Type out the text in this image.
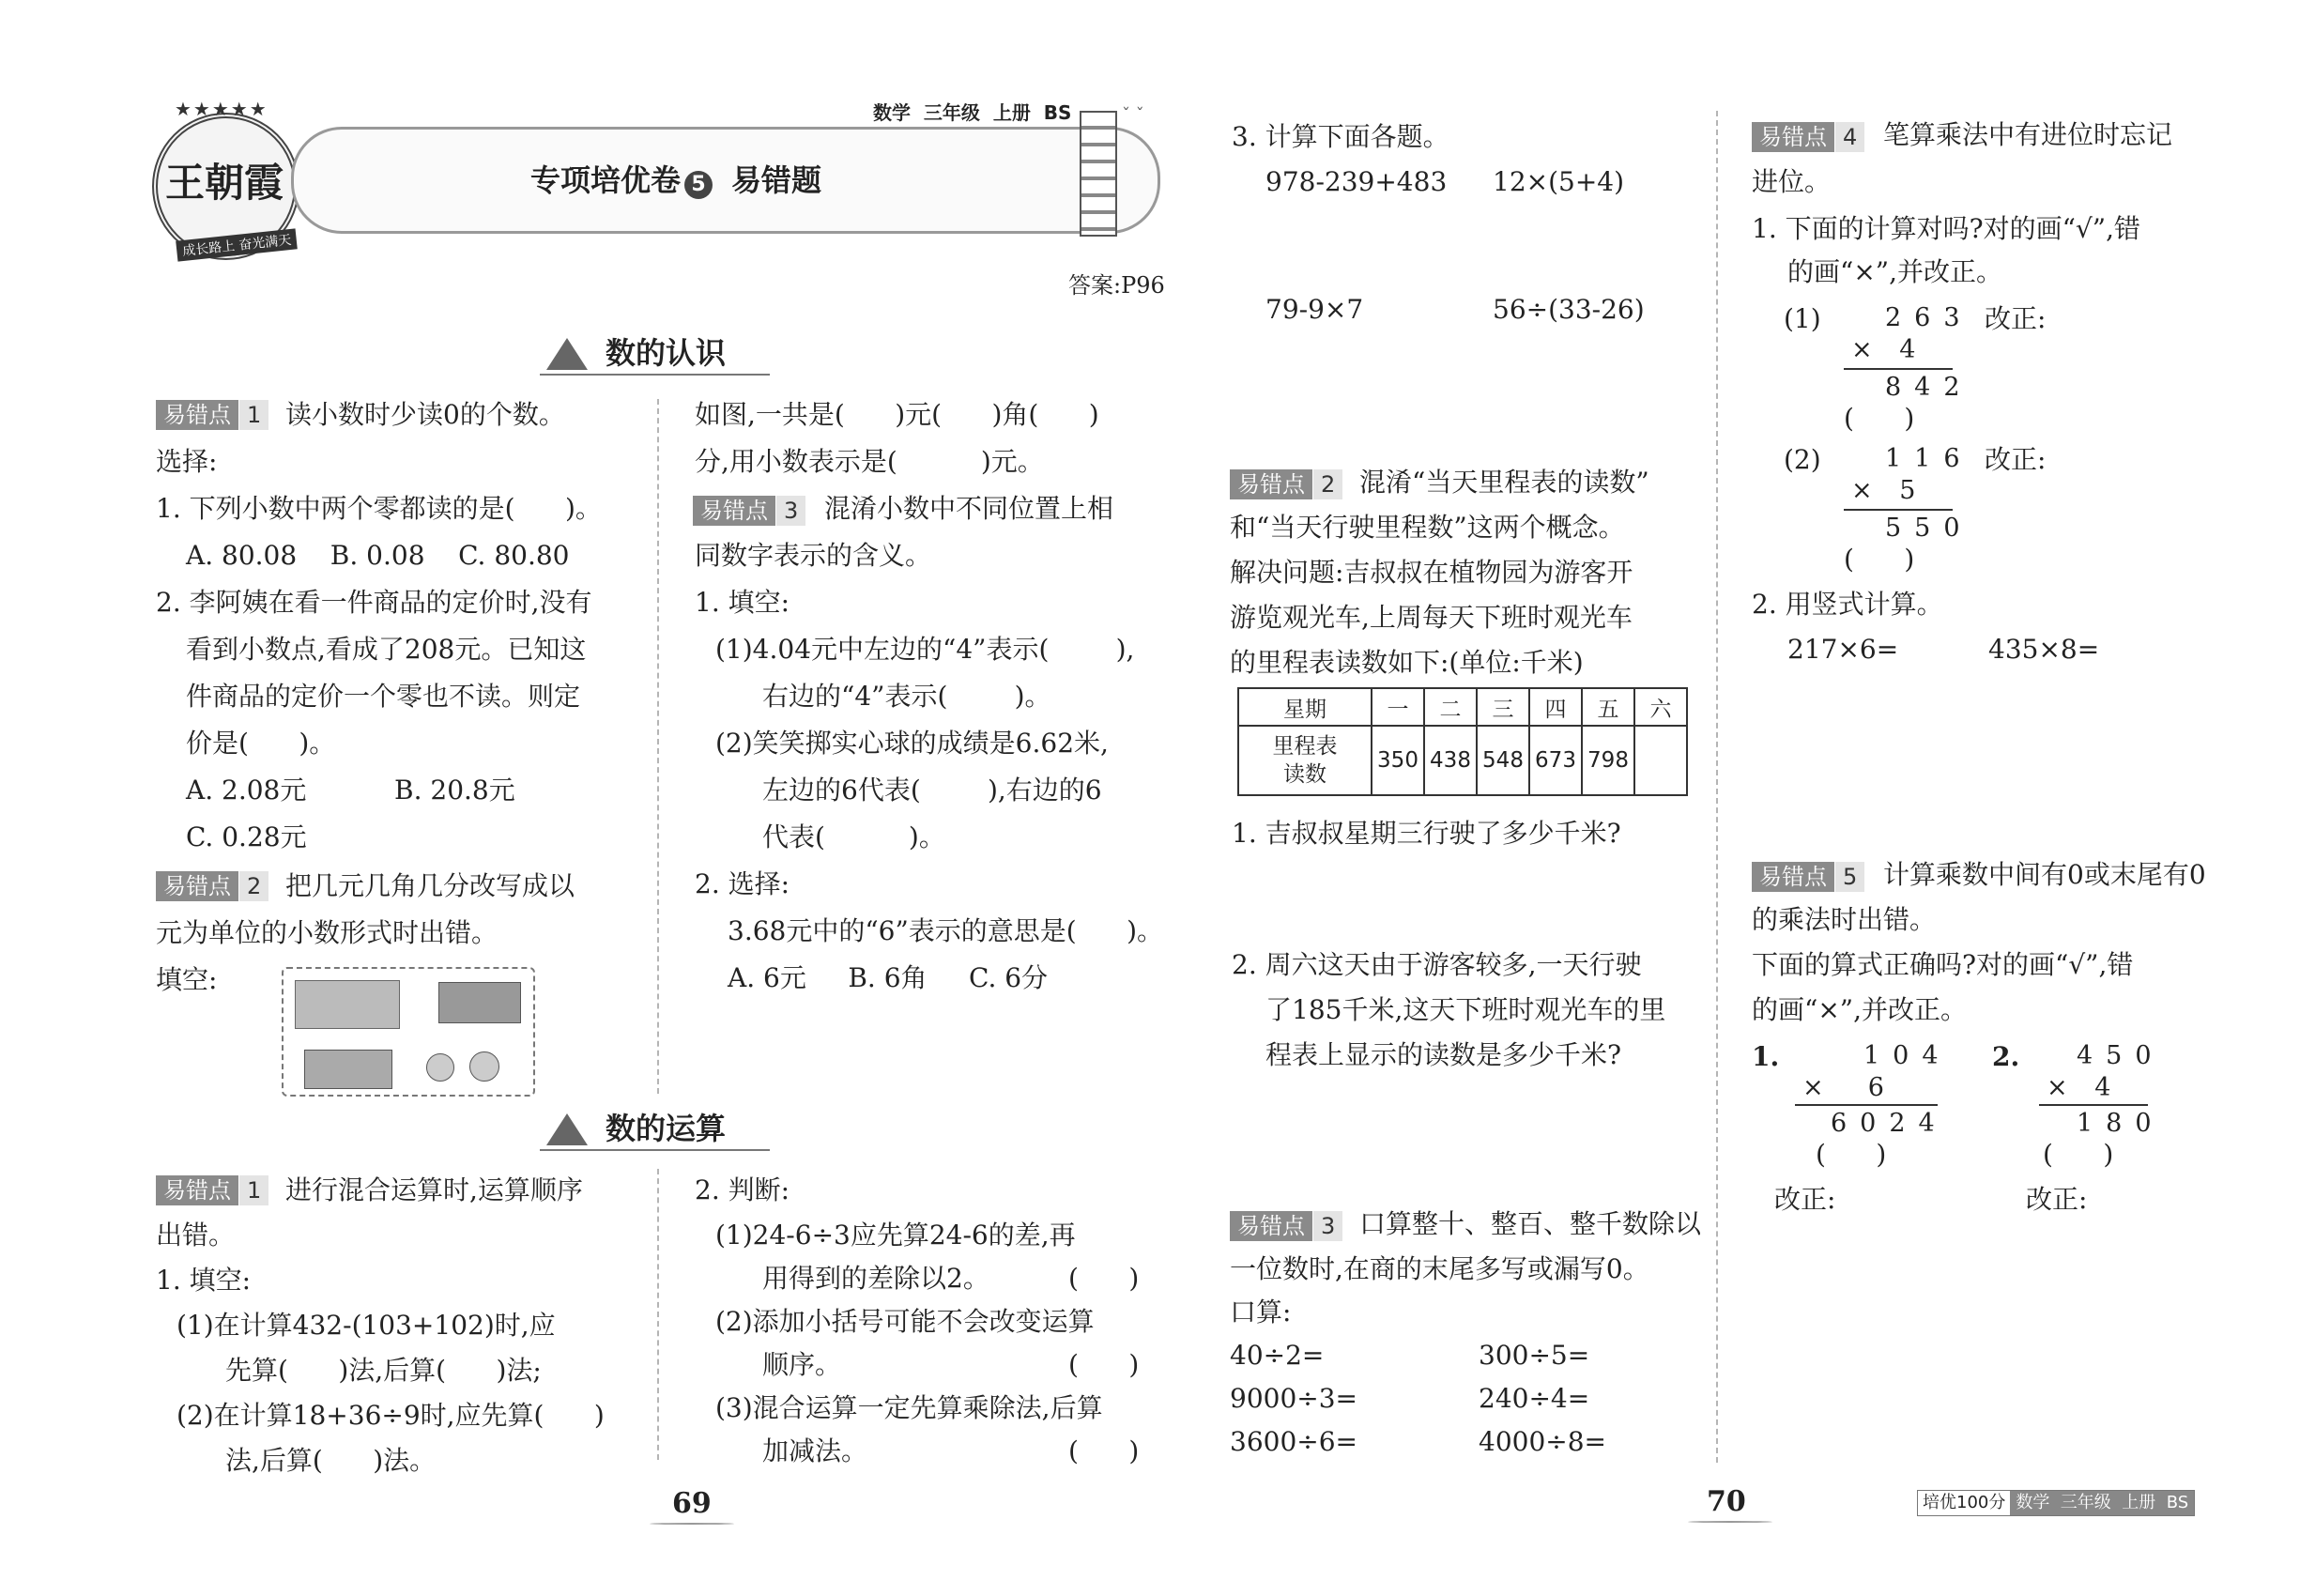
★★★★★
王朝霞
成长路上 奋光满天
数学  三年级  上册  BS
专项培优卷 5 易错题
ˇ ˇ
答案:P96
数的认识
易错点 1 读小数时少读0的个数。
选择:
1. 下列小数中两个零都读的是(      )。
A. 80.08    B. 0.08    C. 80.80
2. 李阿姨在看一件商品的定价时,没有
看到小数点,看成了208元。已知这
件商品的定价一个零也不读。则定
价是(      )。
A. 2.08元	B. 20.8元
C. 0.28元
易错点 2 把几元几角几分改写成以
元为单位的小数形式时出错。
填空:
如图,一共是(      )元(      )角(      )
分,用小数表示是(          )元。
易错点 3 混淆小数中不同位置上相
同数字表示的含义。
1. 填空:
(1)4.04元中左边的“4”表示(        ),
右边的“4”表示(        )。
(2)笑笑掷实心球的成绩是6.62米,
左边的6代表(        ),右边的6
代表(          )。
2. 选择:
3.68元中的“6”表示的意思是(      )。
A. 6元     B. 6角     C. 6分
数的运算
易错点 1 进行混合运算时,运算顺序
出错。
1. 填空:
(1)在计算432-(103+102)时,应
先算(      )法,后算(      )法;
(2)在计算18+36÷9时,应先算(      )
法,后算(      )法。
2. 判断:
(1)24-6÷3应先算24-6的差,再
用得到的差除以2。	(      )
(2)添加小括号可能不会改变运算
顺序。	(      )
(3)混合运算一定先算乘除法,后算
加减法。	(      )
69
3. 计算下面各题。
978-239+483 12×(5+4)
79-9×7	56÷(33-26)
易错点 2 混淆“当天里程表的读数”
和“当天行驶里程数”这两个概念。
解决问题:吉叔叔在植物园为游客开
游览观光车,上周每天下班时观光车
的里程表读数如下:(单位:千米)
星期	一	二	三	四	五	六
里程表
读数	350	438	548	673	798	
1. 吉叔叔星期三行驶了多少千米?
2. 周六这天由于游客较多,一天行驶
了185千米,这天下班时观光车的里
程表上显示的读数是多少千米?
易错点 3 口算整十、整百、整千数除以
一位数时,在商的末尾多写或漏写0。
口算:
40÷2=	300÷5=
9000÷3=	240÷4=
3600÷6=	4000÷8=
易错点 4 笔算乘法中有进位时忘记
进位。
1. 下面的计算对吗?对的画“√”,错
的画“×”,并改正。
(1)	263
× 4
842
(      )
改正:
(2)	116
× 5
550
(      )
改正:
2. 用竖式计算。
217×6=	435×8=
易错点 5 计算乘数中间有0或末尾有0
的乘法时出错。
下面的算式正确吗?对的画“√”,错
的画“×”,并改正。
1.	104
×  6
6024
(      )
改正:
2. 450
× 4
180
(      )
改正:
70	培优100分 数学  三年级  上册  BS
